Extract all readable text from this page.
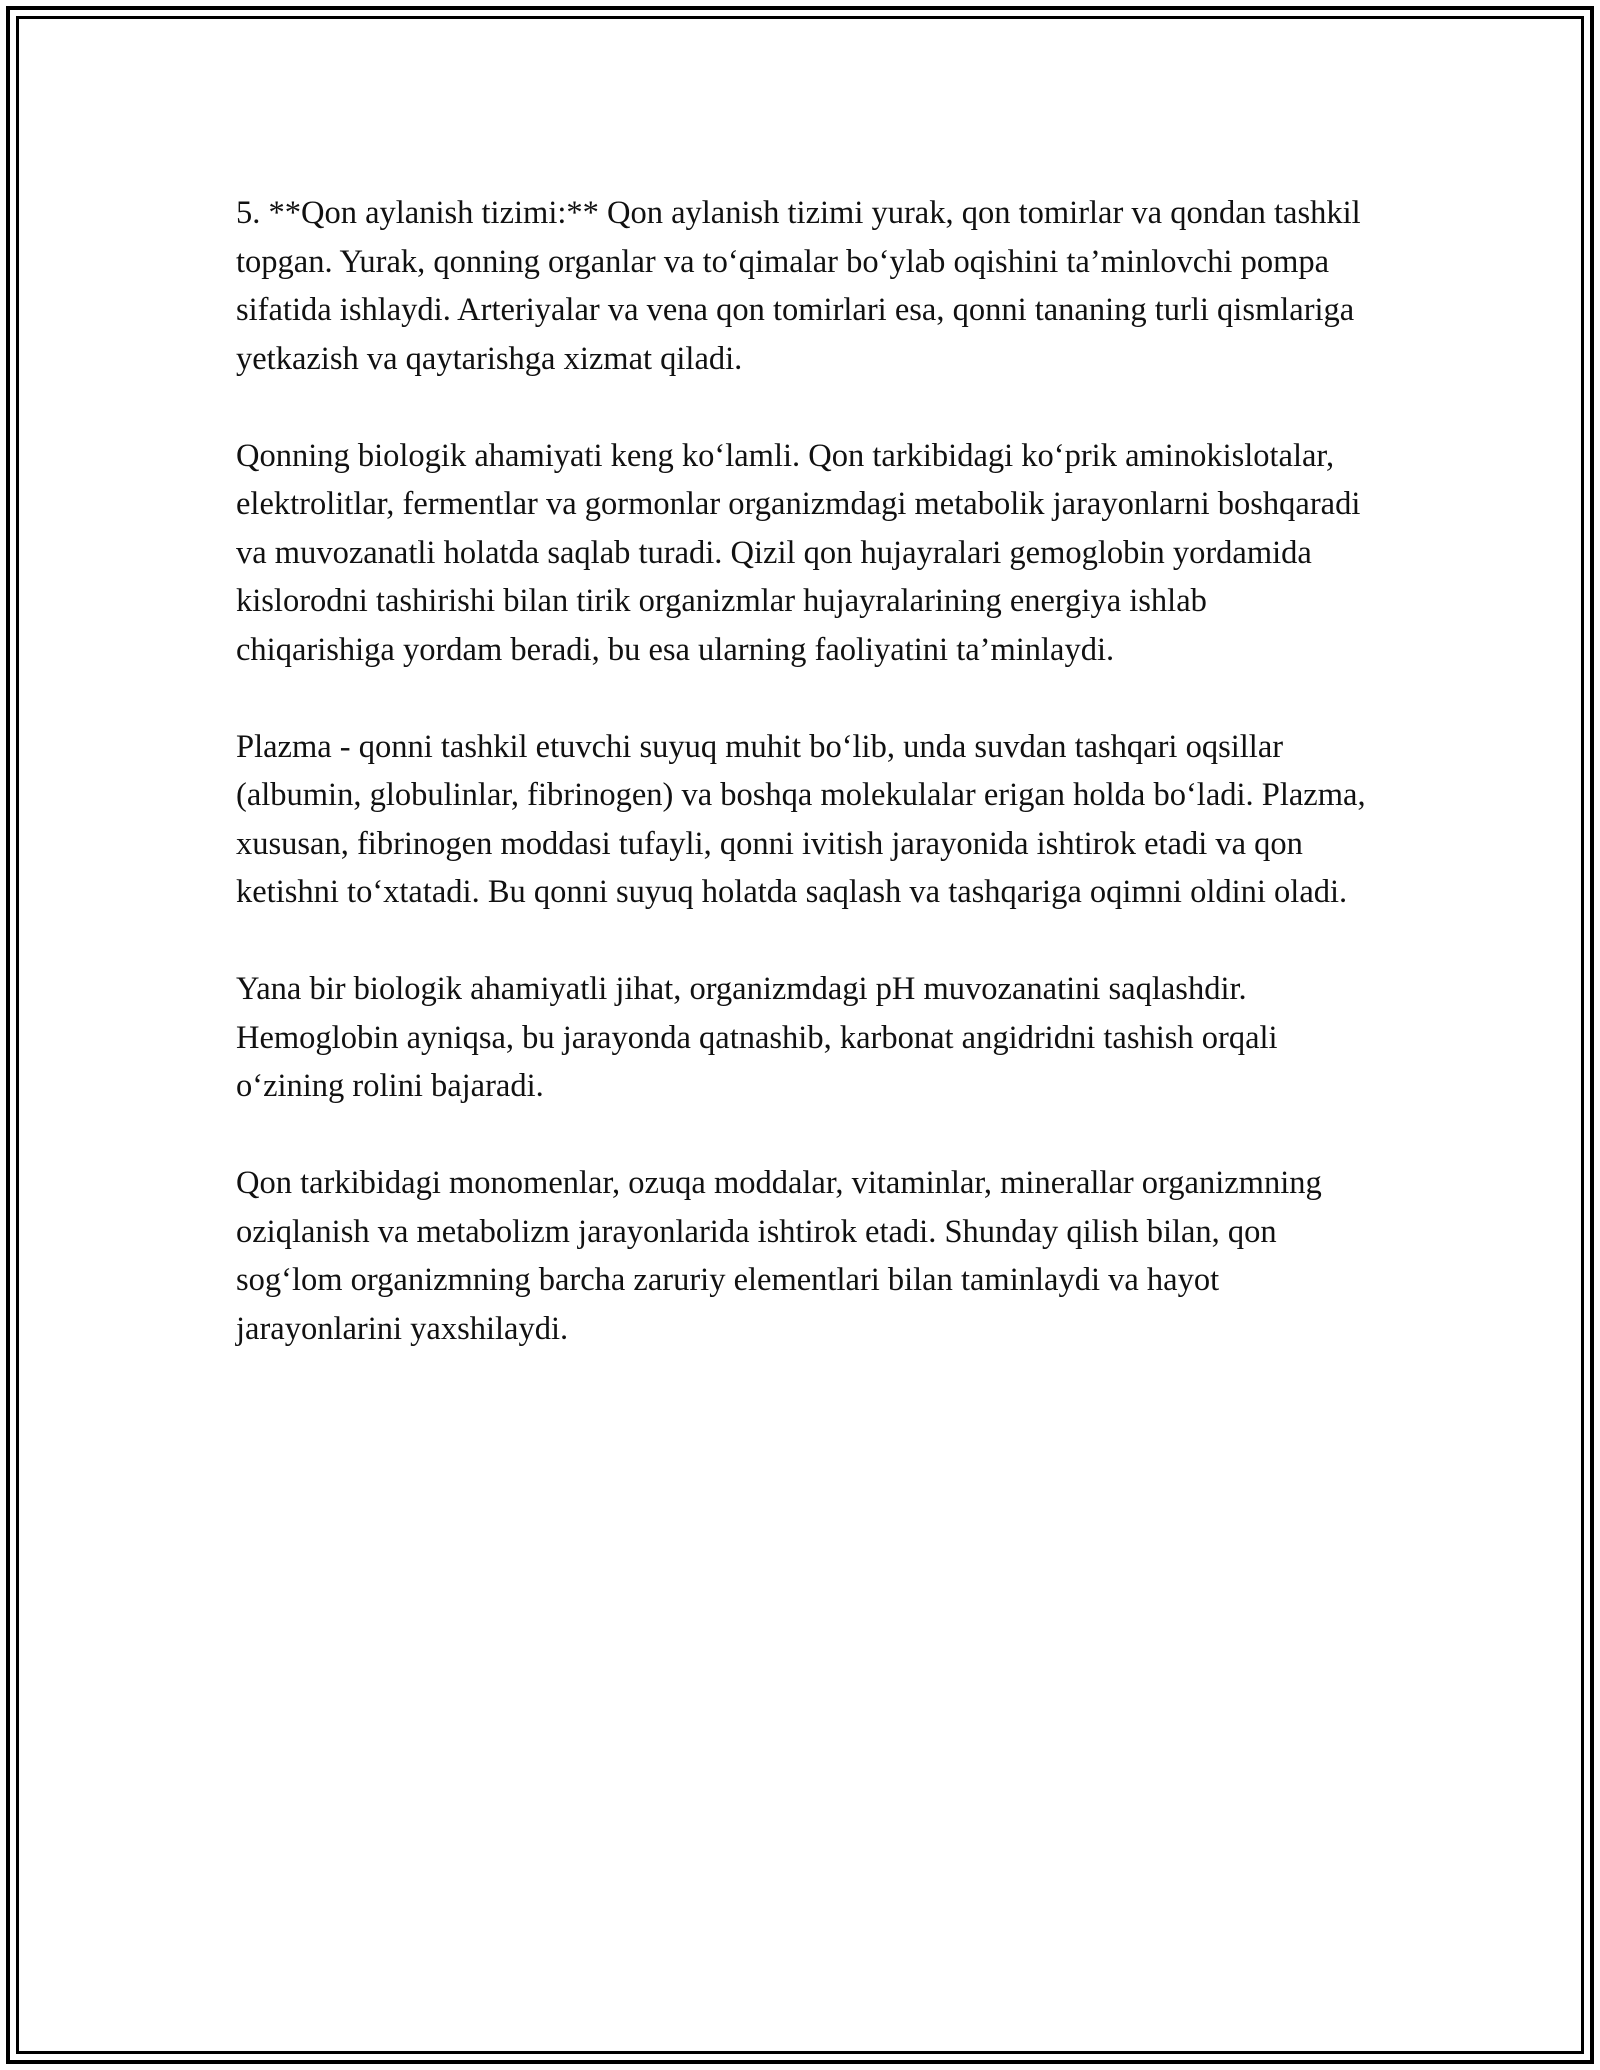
5. **Qon aylanish tizimi:** Qon aylanish tizimi yurak, qon tomirlar va qondan tashkil topgan. Yurak, qonning organlar va to‘qimalar bo‘ylab oqishini ta’minlovchi pompa sifatida ishlaydi. Arteriyalar va vena qon tomirlari esa, qonni tananing turli qismlariga yetkazish va qaytarishga xizmat qiladi.

Qonning biologik ahamiyati keng ko‘lamli. Qon tarkibidagi ko‘prik aminokislotalar, elektrolitlar, fermentlar va gormonlar organizmdagi metabolik jarayonlarni boshqaradi va muvozanatli holatda saqlab turadi. Qizil qon hujayralari gemoglobin yordamida kislorodni tashirishi bilan tirik organizmlar hujayralarining energiya ishlab chiqarishiga yordam beradi, bu esa ularning faoliyatini ta’minlaydi.

Plazma - qonni tashkil etuvchi suyuq muhit bo‘lib, unda suvdan tashqari oqsillar (albumin, globulinlar, fibrinogen) va boshqa molekulalar erigan holda bo‘ladi. Plazma, xususan, fibrinogen moddasi tufayli, qonni ivitish jarayonida ishtirok etadi va qon ketishni to‘xtatadi. Bu qonni suyuq holatda saqlash va tashqariga oqimni oldini oladi.

Yana bir biologik ahamiyatli jihat, organizmdagi pH muvozanatini saqlashdir. Hemoglobin ayniqsa, bu jarayonda qatnashib, karbonat angidridni tashish orqali o‘zining rolini bajaradi.

Qon tarkibidagi monomenlar, ozuqa moddalar, vitaminlar, minerallar organizmning oziqlanish va metabolizm jarayonlarida ishtirok etadi. Shunday qilish bilan, qon sog‘lom organizmning barcha zaruriy elementlari bilan taminlaydi va hayot jarayonlarini yaxshilaydi.
